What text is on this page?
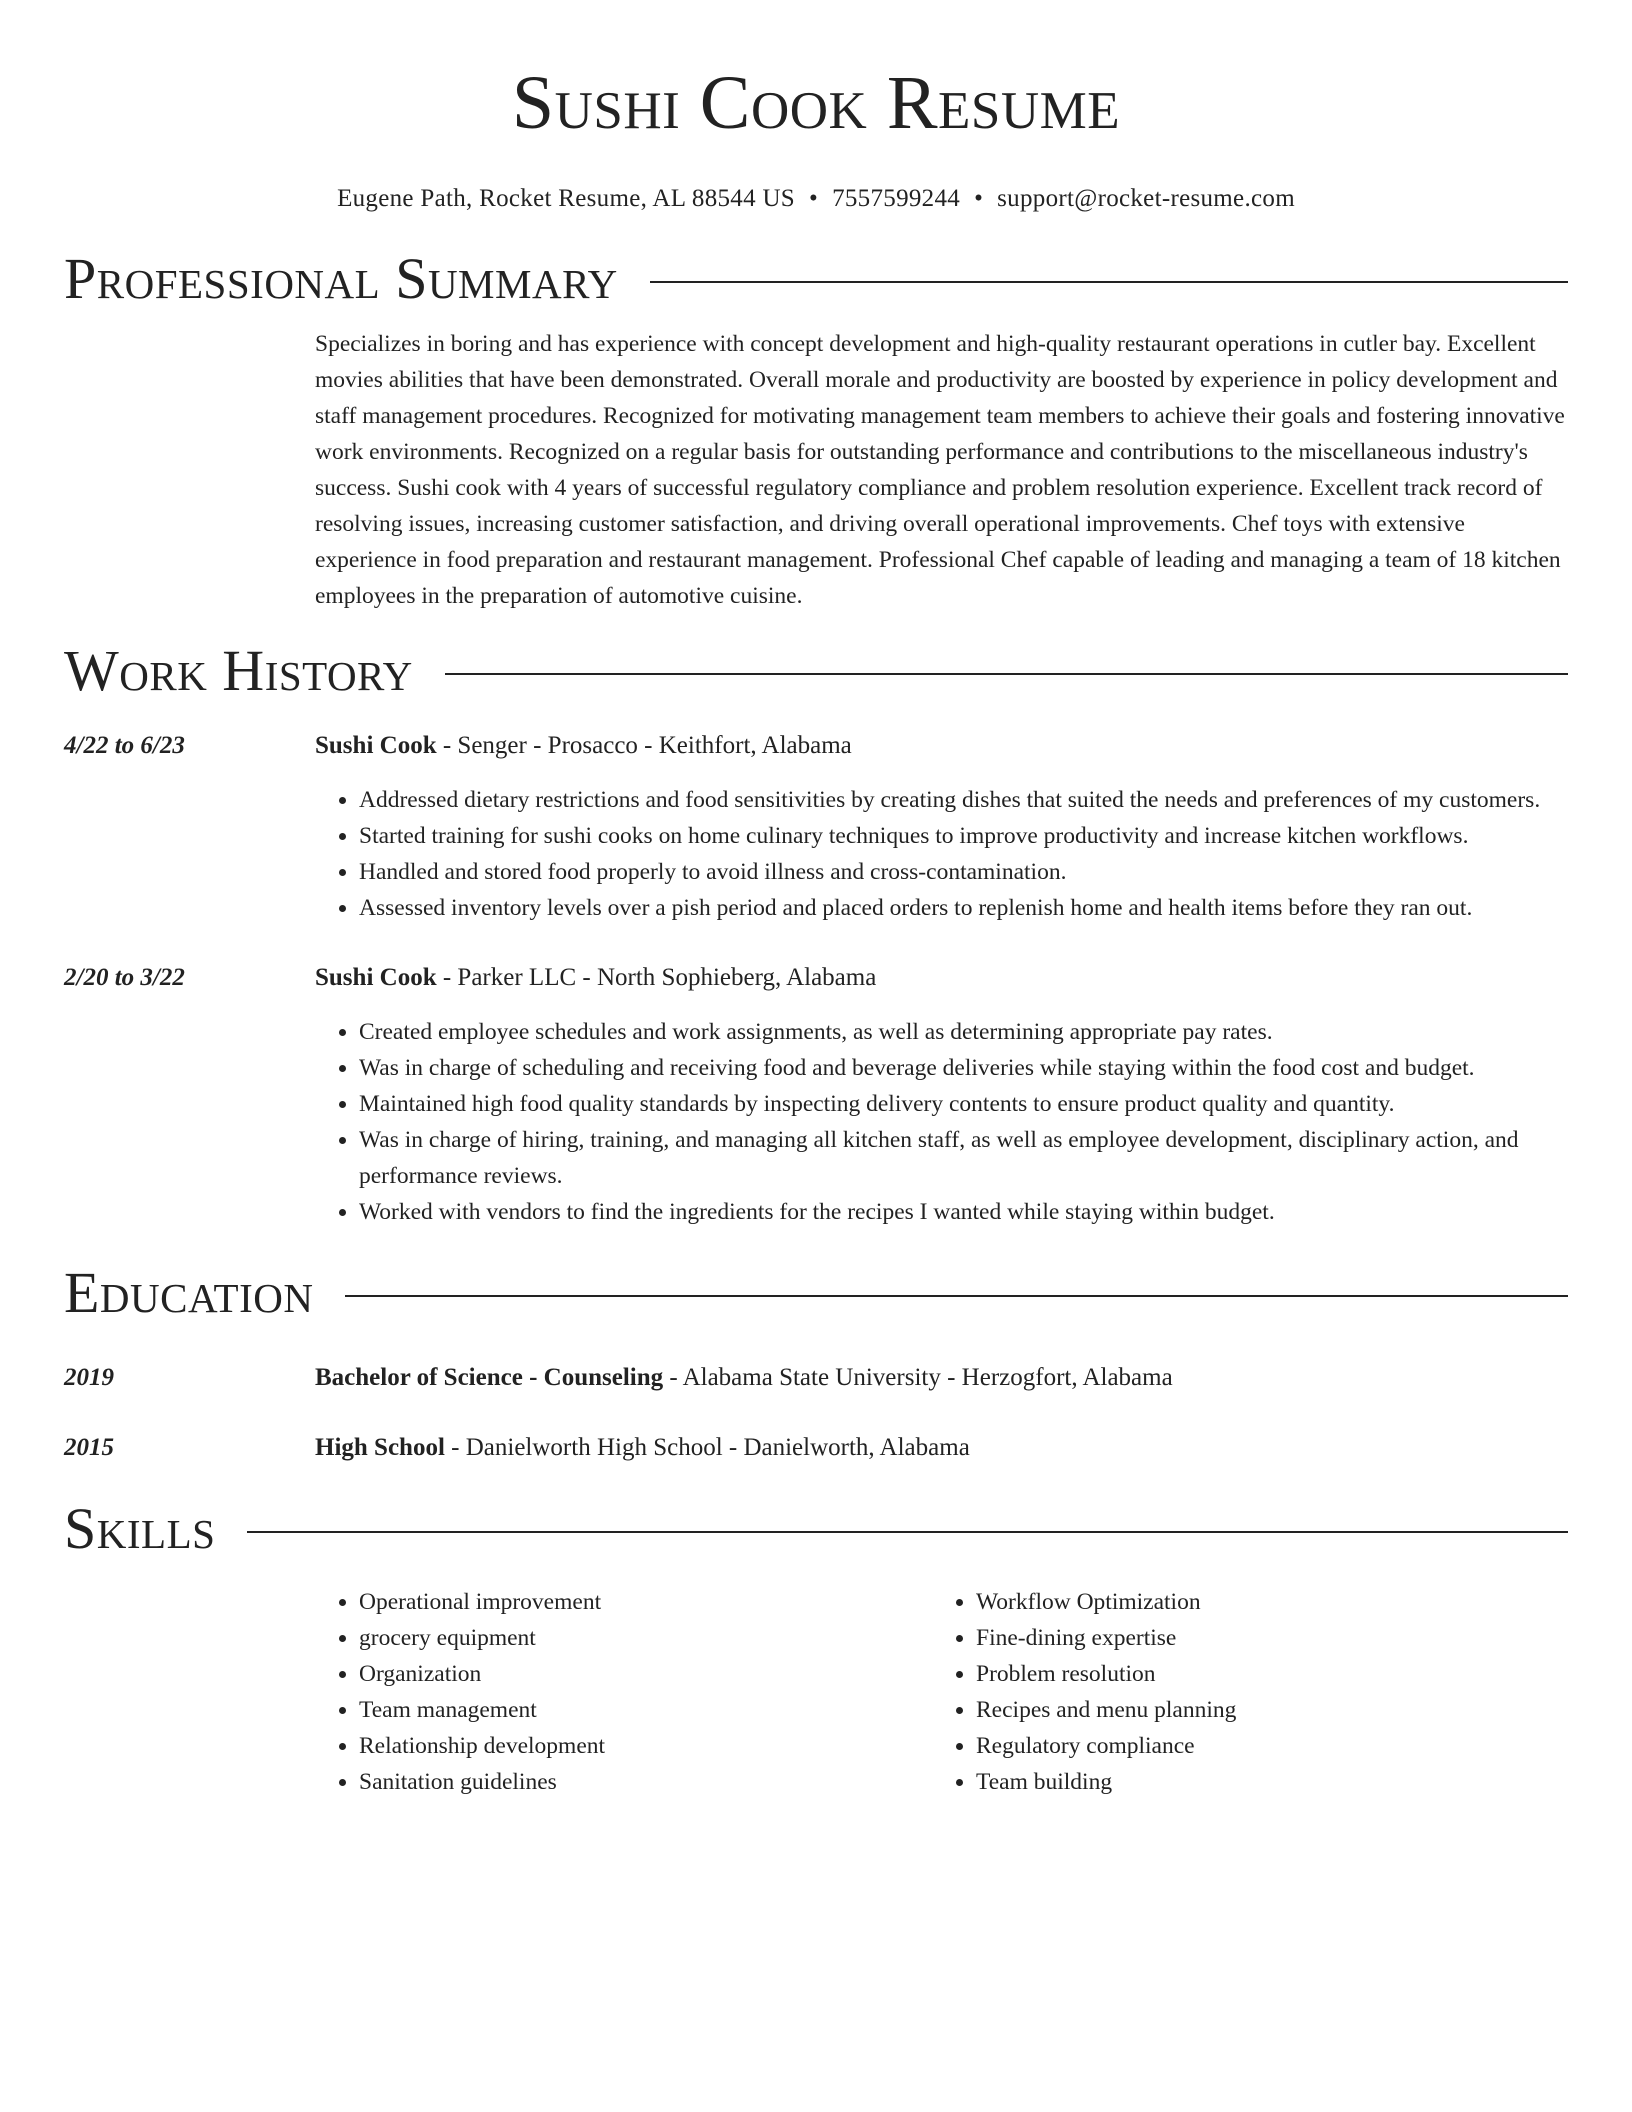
Sushi Cook Resume
Eugene Path, Rocket Resume, AL 88544 US • 7557599244 • support@rocket-resume.com
Professional Summary
Specializes in boring and has experience with concept development and high-quality restaurant operations in cutler bay. Excellent movies abilities that have been demonstrated. Overall morale and productivity are boosted by experience in policy development and staff management procedures. Recognized for motivating management team members to achieve their goals and fostering innovative work environments. Recognized on a regular basis for outstanding performance and contributions to the miscellaneous industry's success. Sushi cook with 4 years of successful regulatory compliance and problem resolution experience. Excellent track record of resolving issues, increasing customer satisfaction, and driving overall operational improvements. Chef toys with extensive experience in food preparation and restaurant management. Professional Chef capable of leading and managing a team of 18 kitchen employees in the preparation of automotive cuisine.
Work History
4/22 to 6/23	Sushi Cook - Senger - Prosacco - Keithfort, Alabama
• Addressed dietary restrictions and food sensitivities by creating dishes that suited the needs and preferences of my customers.
• Started training for sushi cooks on home culinary techniques to improve productivity and increase kitchen workflows.
• Handled and stored food properly to avoid illness and cross-contamination.
• Assessed inventory levels over a pish period and placed orders to replenish home and health items before they ran out.
2/20 to 3/22	Sushi Cook - Parker LLC - North Sophieberg, Alabama
• Created employee schedules and work assignments, as well as determining appropriate pay rates.
• Was in charge of scheduling and receiving food and beverage deliveries while staying within the food cost and budget.
• Maintained high food quality standards by inspecting delivery contents to ensure product quality and quantity.
• Was in charge of hiring, training, and managing all kitchen staff, as well as employee development, disciplinary action, and performance reviews.
• Worked with vendors to find the ingredients for the recipes I wanted while staying within budget.
Education
2019	Bachelor of Science - Counseling - Alabama State University - Herzogfort, Alabama
2015	High School - Danielworth High School - Danielworth, Alabama
Skills
• Operational improvement
• grocery equipment
• Organization
• Team management
• Relationship development
• Sanitation guidelines
• Workflow Optimization
• Fine-dining expertise
• Problem resolution
• Recipes and menu planning
• Regulatory compliance
• Team building
